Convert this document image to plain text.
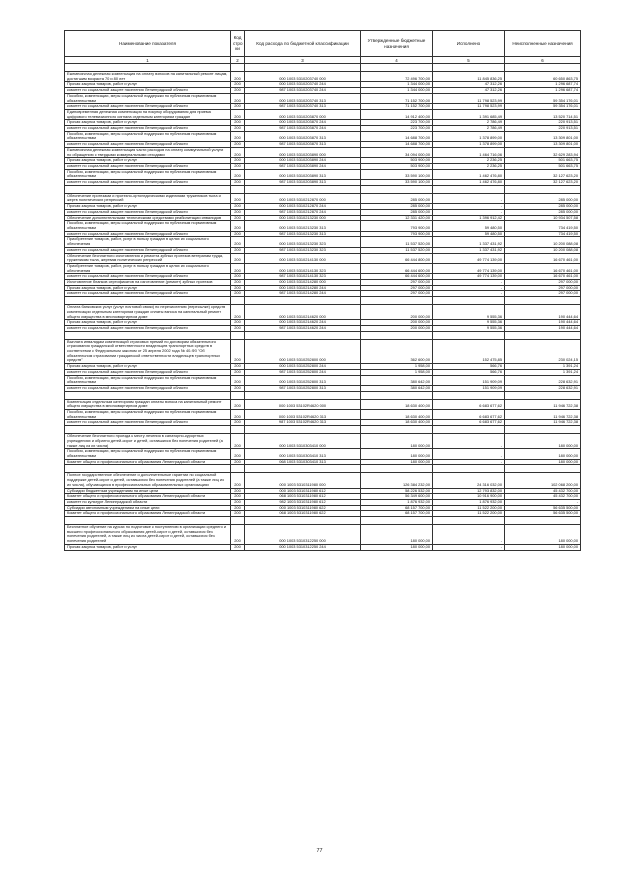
Наименование показателя	Код стро ки	Код расхода по бюджетной классификации	Утвержденные бюджетные назначения	Исполнено	Неисполненные назначения
1	2	3	4	5	6

Ежемесячная денежная компенсация на оплату взносов на капитальный ремонт лицам, достигшим возраста 70 и 80 лет	200	000 1003 5310203740 000	72 496 700,00	11 845 836,25	60 650 863,75
Прочая закупка товаров, работ и услуг	200	000 1003 5310203740 244	1 344 000,00	47 312,26	1 296 687,74
комитет по социальной защите населения Ленинградской области	200	987 1003 5310203740 244	1 344 000,00	47 312,26	1 296 687,74
Пособия, компенсации, меры социальной поддержки по публичным нормативным обязательствам	200	000 1003 5310203740 313	71 152 700,00	11 798 523,99	59 354 176,01
комитет по социальной защите населения Ленинградской области	200	987 1003 5310203740 313	71 152 700,00	11 798 523,99	59 354 176,01
Единовременная денежная компенсация на покупку оборудования для приема цифрового телевизионного сигнала отдельным категориям граждан	200	000 1003 5310203870 000	14 912 400,00	1 391 685,49	13 520 714,51
Прочая закупка товаров, работ и услуг	200	000 1003 5310203870 244	223 700,00	2 786,49	220 913,51
комитет по социальной защите населения Ленинградской области	200	987 1003 5310203870 244	223 700,00	2 786,49	220 913,51
Пособия, компенсации, меры социальной поддержки по публичным нормативным обязательствам	200	000 1003 5310203870 313	14 688 700,00	1 378 899,00	13 309 801,00
комитет по социальной защите населения Ленинградской области	200	987 1003 5310203870 313	14 688 700,00	1 378 899,00	13 309 801,00
Ежемесячная денежная компенсация части расходов на оплату коммунальной услуги по обращению с твердыми коммунальными отходами	200	000 1003 5310203890 000	34 094 000,00	1 464 716,06	32 629 283,94
Прочая закупка товаров, работ и услуг	200	000 1003 5310203890 244	503 900,00	2 236,25	501 663,75
комитет по социальной защите населения Ленинградской области	200	987 1003 5310203890 244	503 900,00	2 236,25	501 663,75
Пособия, компенсации, меры социальной поддержки по публичным нормативным обязательствам	200	000 1003 5310203890 313	33 590 100,00	1 462 476,80	32 127 623,20
комитет по социальной защите населения Ленинградской области	200	987 1003 5310203890 313	33 590 100,00	1 462 476,80	32 127 623,20

Обеспечение протезами и протезно-ортопедическими изделиями тружеников тыла и жертв политических репрессий	200	000 1003 5310212870 000	285 000,00	-	285 000,00
Прочая закупка товаров, работ и услуг	200	000 1003 5310212870 244	285 000,00	-	285 000,00
комитет по социальной защите населения Ленинградской области	200	987 1003 5310212870 244	285 000,00	-	285 000,00
Обеспечение дополнительными техническими средствами реабилитации инвалидов	200	000 1003 5310213230 000	12 331 420,00	1 396 912,42	10 934 507,58
Пособия, компенсации, меры социальной поддержки по публичным нормативным обязательствам	200	000 1003 5310213230 313	793 900,00	59 480,50	734 419,50
комитет по социальной защите населения Ленинградской области	200	987 1003 5310213230 313	793 900,00	59 480,50	734 419,50
Приобретение товаров, работ, услуг в пользу граждан в целях их социального обеспечения	200	000 1003 5310213230 323	11 537 520,00	1 337 431,92	10 200 088,08
комитет по социальной защите населения Ленинградской области	200	987 1003 5310213230 323	11 537 520,00	1 337 431,92	10 200 088,08
Обеспечение бесплатного изготовления и ремонта зубных протезов ветеранам труда, труженикам тыла, жертвам политических репрессий	200	000 1003 5310214130 000	66 444 800,00	49 774 139,00	16 670 461,00
Приобретение товаров, работ, услуг в пользу граждан в целях их социального обеспечения	200	000 1003 5310214130 323	66 444 600,00	49 774 139,00	16 670 461,00
комитет по социальной защите населения Ленинградской области	200	987 1003 5310214130 323	66 444 600,00	49 774 139,00	16 670 461,00
Изготовление бланков сертификатов на изготовление (ремонт) зубных протезов	200	000 1003 5310214280 000	297 000,00	-	297 000,00
Прочая закупка товаров, работ и услуг	200	000 1003 5310214280 244	297 000,00	-	297 000,00
комитет по социальной защите населения Ленинградской области	200	987 1003 5310214280 244	297 000,00	-	297 000,00

Оплата банковских услуг (услуг почтовой связи) по перечислению (пересылке) средств компенсации отдельным категориям граждан оплаты взноса на капитальный ремонт общего имущества в многоквартирном доме	200	000 1003 5310214620 000	200 000,00	9 555,36	190 444,64
Прочая закупка товаров, работ и услуг	200	000 1003 5310214620 244	200 000,00	9 555,36	190 444,64
комитет по социальной защите населения Ленинградской области	200	987 1003 5310214620 244	200 000,00	9 555,36	190 444,64

Выплата инвалидам компенсаций страховых премий по договорам обязательного страхования гражданской ответственности владельцев транспортных средств в соответствии с Федеральным законом от 25 апреля 2002 года № 40-ФЗ "Об обязательном страховании гражданской ответственности владельцев транспортных средств"	200	000 1003 5310252800 000	362 600,00	152 475,85	230 024,15
Прочая закупка товаров, работ и услуг	200	000 1003 5310252800 244	1 958,00	566,76	1 391,24
комитет по социальной защите населения Ленинградской области	200	987 1003 5310252800 244	1 958,00	566,76	1 391,24
Пособия, компенсации, меры социальной поддержки по публичным нормативным обязательствам	200	000 1003 5310252800 313	380 642,00	151 909,09	228 632,91
комитет по социальной защите населения Ленинградской области	200	987 1003 5310252800 313	380 642,00	151 909,09	228 632,91

Компенсация отдельным категориям граждан оплаты взноса на капитальный ремонт общего имущества в многоквартирном доме	200	000 1003 53102R4620 000	18 630 400,00	6 683 677,62	11 946 722,38
Пособия, компенсации, меры социальной поддержки по публичным нормативным обязательствам	200	000 1003 53102R4620 313	18 630 400,00	6 683 677,62	11 946 722,38
комитет по социальной защите населения Ленинградской области	200	987 1003 53102R4620 313	18 630 400,00	6 683 677,62	11 946 722,38

Обеспечение бесплатного проезда к месту лечения в санаторно-курортных учреждениях и обратно детей-сирот и детей, оставшихся без попечения родителей (а также лиц из их числа)	200	000 1003 5310303410 000	180 000,00	-	180 000,00
Пособия, компенсации, меры социальной поддержки по публичным нормативным обязательствам	200	000 1003 5310303410 313	180 000,00	-	180 000,00
Комитет общего и профессионального образования Ленинградской области	200	068 1003 5310303410 313	180 000,00	-	180 000,00

Полное государственное обеспечение и дополнительные гарантии по социальной поддержке детей-сирот и детей, оставшихся без попечения родителей (а также лиц из их числа), обучающихся в профессиональных образовательных организациях	200	000 1003 5310311980 000	126 384 232,00	24 316 032,00	102 068 200,00
Субсидии бюджетным учреждениям на иные цели	200	000 1003 5310311980 612	58 226 532,00	12 793 832,00	45 432 700,00
Комитет общего и профессионального образования Ленинградской области	200	068 1003 5310311980 612	56 349 600,00	10 916 900,00	45 432 700,00
комитет по культуре Ленинградской области	200	982 1003 5310311980 612	1 876 932,00	1 876 932,00	-
Субсидии автономным учреждениям на иные цели	200	000 1003 5310311980 622	68 157 700,00	11 522 200,00	56 635 500,00
Комитет общего и профессионального образования Ленинградской области	200	068 1003 5310311980 622	68 157 700,00	11 522 200,00	56 635 500,00

Бесплатное обучение на курсах по подготовке к поступлению в организации среднего и высшего профессионального образования детей-сирот и детей, оставшихся без попечения родителей, а также лиц из числа детей-сирот и детей, оставшихся без попечения родителей	200	000 1003 5310312250 000	180 000,00	-	180 000,00
Прочая закупка товаров, работ и услуг	200	000 1003 5310312250 244	180 000,00	-	180 000,00
77
